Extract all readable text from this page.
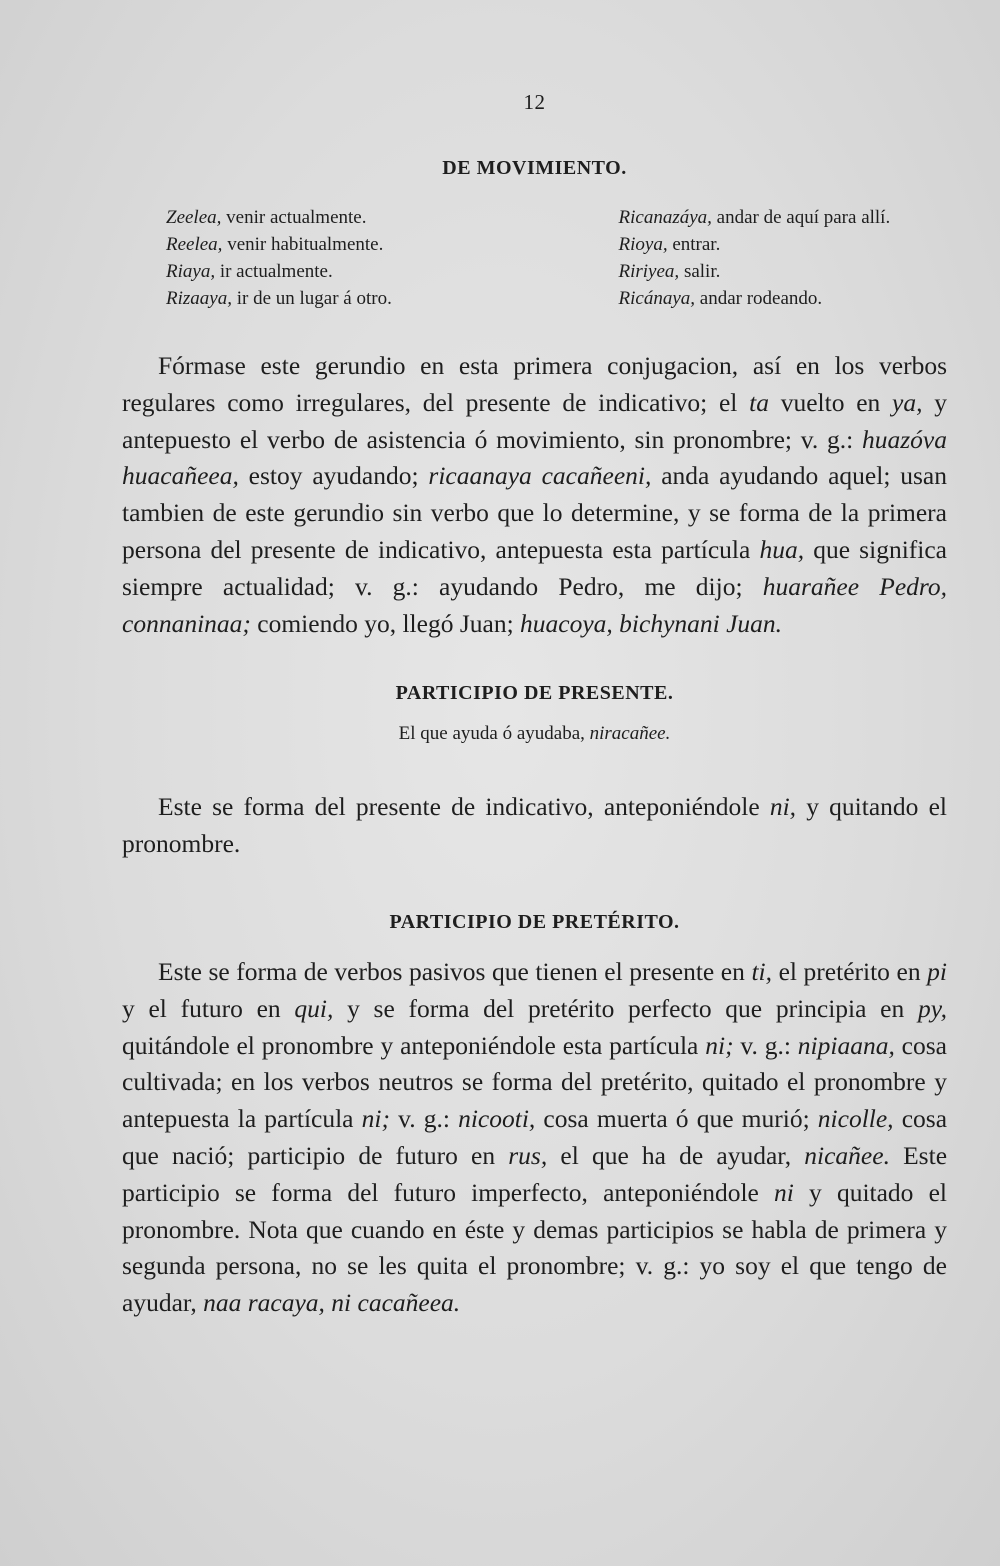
12
DE MOVIMIENTO.
Zeelea, venir actualmente.
Reelea, venir habitualmente.
Riaya, ir actualmente.
Rizaaya, ir de un lugar á otro.
Ricanazáya, andar de aquí para allí.
Rioya, entrar.
Ririyea, salir.
Ricánaya, andar rodeando.

Fórmase este gerundio en esta primera conjugacion, así en los verbos regulares como irregulares, del presente de indicativo; el ta vuelto en ya, y antepuesto el verbo de asistencia ó movimiento, sin pronombre; v. g.: huazóva huacañeea, estoy ayudando; ricaanaya cacañeeni, anda ayudando aquel; usan tambien de este gerundio sin verbo que lo determine, y se forma de la primera persona del presente de indicativo, antepuesta esta partícula hua, que significa siempre actualidad; v. g.: ayudando Pedro, me dijo; huarañee Pedro, connaninaa; comiendo yo, llegó Juan; huacoya, bichynani Juan.

PARTICIPIO DE PRESENTE.

El que ayuda ó ayudaba, niracañee.

Este se forma del presente de indicativo, anteponiéndole ni, y quitando el pronombre.

PARTICIPIO DE PRETÉRITO.

Este se forma de verbos pasivos que tienen el presente en ti, el pretérito en pi y el futuro en qui, y se forma del pretérito perfecto que principia en py, quitándole el pronombre y anteponiéndole esta partícula ni; v. g.: nipiaana, cosa cultivada; en los verbos neutros se forma del pretérito, quitado el pronombre y antepuesta la partícula ni; v. g.: nicooti, cosa muerta ó que murió; nicolle, cosa que nació; participio de futuro en rus, el que ha de ayudar, nicañee. Este participio se forma del futuro imperfecto, anteponiéndole ni y quitado el pronombre. Nota que cuando en éste y demas participios se habla de primera y segunda persona, no se les quita el pronombre; v. g.: yo soy el que tengo de ayudar, naa racaya, ni cacañeea.
